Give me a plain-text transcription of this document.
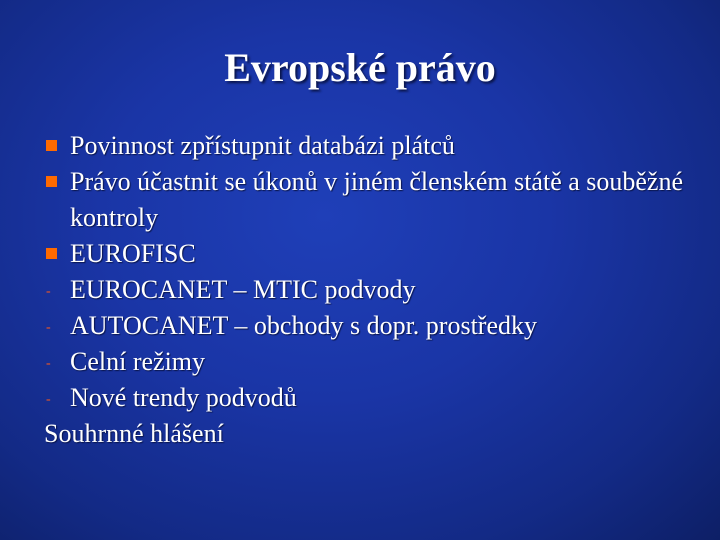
Evropské právo
Povinnost zpřístupnit databázi plátců
Právo účastnit se úkonů v jiném členském státě a souběžné kontroly
EUROFISC
- EUROCANET – MTIC podvody
- AUTOCANET – obchody s dopr. prostředky
- Celní režimy
- Nové trendy podvodů
Souhrnné hlášení
